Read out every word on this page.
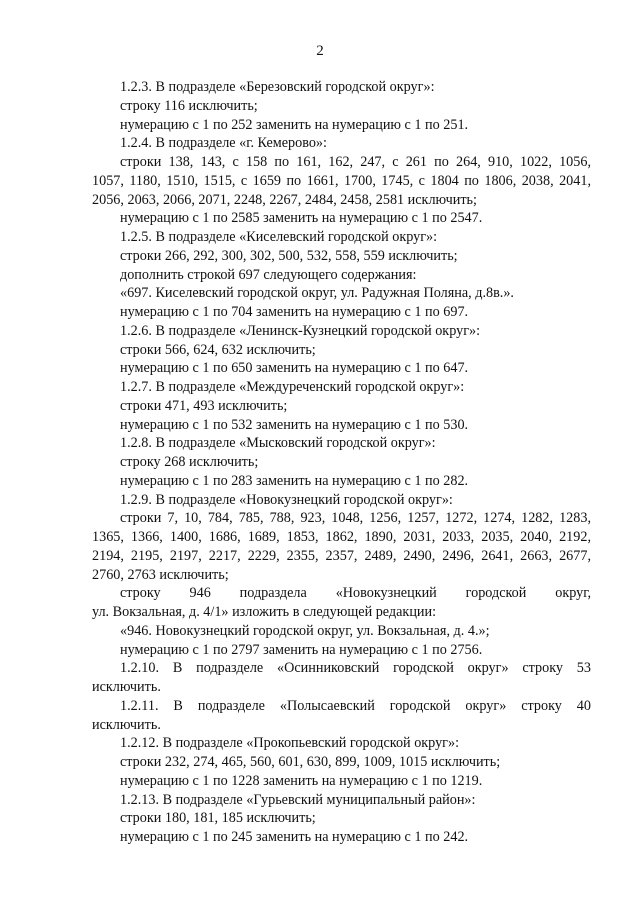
2

1.2.3. В подразделе «Березовский городской округ»:

строку 116 исключить;

нумерацию с 1 по 252 заменить на нумерацию с 1 по 251.

1.2.4. В подразделе «г. Кемерово»:

строки 138, 143, с 158 по 161, 162, 247, с 261 по 264, 910, 1022, 1056,

1057, 1180, 1510, 1515, с 1659 по 1661, 1700, 1745, с 1804 по 1806, 2038, 2041,

2056, 2063, 2066, 2071, 2248, 2267, 2484, 2458, 2581 исключить;

нумерацию с 1 по 2585 заменить на нумерацию с 1 по 2547.

1.2.5. В подразделе «Киселевский городской округ»:

строки 266, 292, 300, 302, 500, 532, 558, 559 исключить;

дополнить строкой 697 следующего содержания:

«697. Киселевский городской округ, ул. Радужная Поляна, д.8в.».

нумерацию с 1 по 704 заменить на нумерацию с 1 по 697.

1.2.6. В подразделе «Ленинск-Кузнецкий городской округ»:

строки 566, 624, 632 исключить;

нумерацию с 1 по 650 заменить на нумерацию с 1 по 647.

1.2.7. В подразделе «Междуреченский городской округ»:

строки 471, 493 исключить;

нумерацию с 1 по 532 заменить на нумерацию с 1 по 530.

1.2.8. В подразделе «Мысковский городской округ»:

строку 268 исключить;

нумерацию с 1 по 283 заменить на нумерацию с 1 по 282.

1.2.9. В подразделе «Новокузнецкий городской округ»:

строки 7, 10, 784, 785, 788, 923, 1048, 1256, 1257, 1272, 1274, 1282, 1283,

1365, 1366, 1400, 1686, 1689, 1853, 1862, 1890, 2031, 2033, 2035, 2040, 2192,

2194, 2195, 2197, 2217, 2229, 2355, 2357, 2489, 2490, 2496, 2641, 2663, 2677,

2760, 2763 исключить;

строку 946 подраздела «Новокузнецкий городской округ,

ул. Вокзальная, д. 4/1» изложить в следующей редакции:

«946. Новокузнецкий городской округ, ул. Вокзальная, д. 4.»;

нумерацию с 1 по 2797 заменить на нумерацию с 1 по 2756.

1.2.10. В подразделе «Осинниковский городской округ» строку 53

исключить.

1.2.11. В подразделе «Полысаевский городской округ» строку 40

исключить.

1.2.12. В подразделе «Прокопьевский городской округ»:

строки 232, 274, 465, 560, 601, 630, 899, 1009, 1015 исключить;

нумерацию с 1 по 1228 заменить на нумерацию с 1 по 1219.

1.2.13. В подразделе «Гурьевский муниципальный район»:

строки 180, 181, 185 исключить;

нумерацию с 1 по 245 заменить на нумерацию с 1 по 242.
